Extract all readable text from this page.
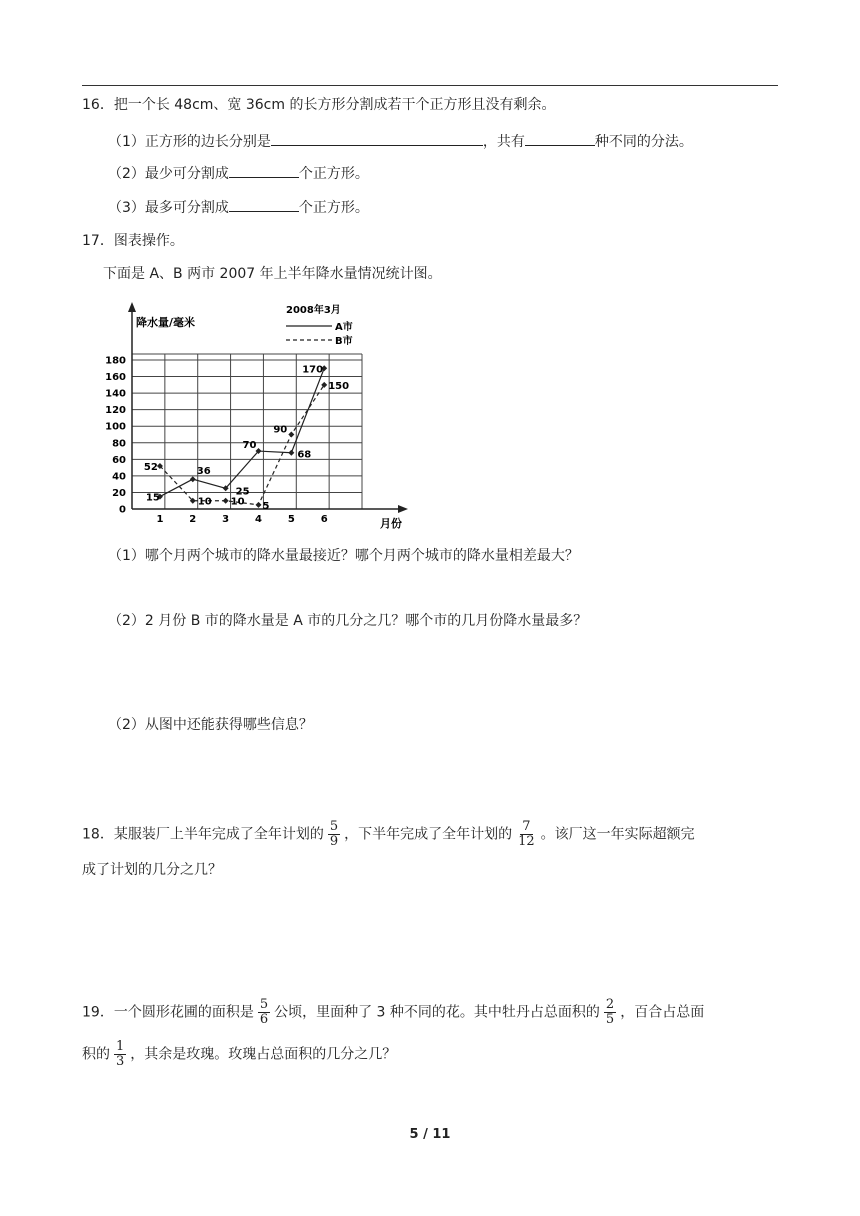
16．把一个长 48cm、宽 36cm 的长方形分割成若干个正方形且没有剩余。
（1）正方形的边长分别是	，共有	种不同的分法。
（2）最少可分割成	个正方形。
（3）最多可分割成	个正方形。
17．图表操作。
下面是 A、B 两市 2007 年上半年降水量情况统计图。
0
20
40
60
80
100
120
140
160
180
1	2	3	4	5	6
15
36
25
70
68
170
52
10 10 5
90
150
A市
B市
降水量/毫米
月份
2008年3月
（1）哪个月两个城市的降水量最接近？哪个月两个城市的降水量相差最大？
（2）2 月份 B 市的降水量是 A 市的几分之几？哪个市的几月份降水量最多？
（2）从图中还能获得哪些信息？
18．某服装厂上半年完成了全年计划的 $\frac{5}{9}$ ，下半年完成了全年计划的 $\frac{7}{12}$ 。该厂这一年实际超额完
成了计划的几分之几？
19．一个圆形花圃的面积是 $\frac{5}{6}$ 公顷，里面种了 3 种不同的花。其中牡丹占总面积的 $\frac{2}{5}$ ，百合占总面
积的 $\frac{1}{3}$ ，其余是玫瑰。玫瑰占总面积的几分之几？
5 / 11
